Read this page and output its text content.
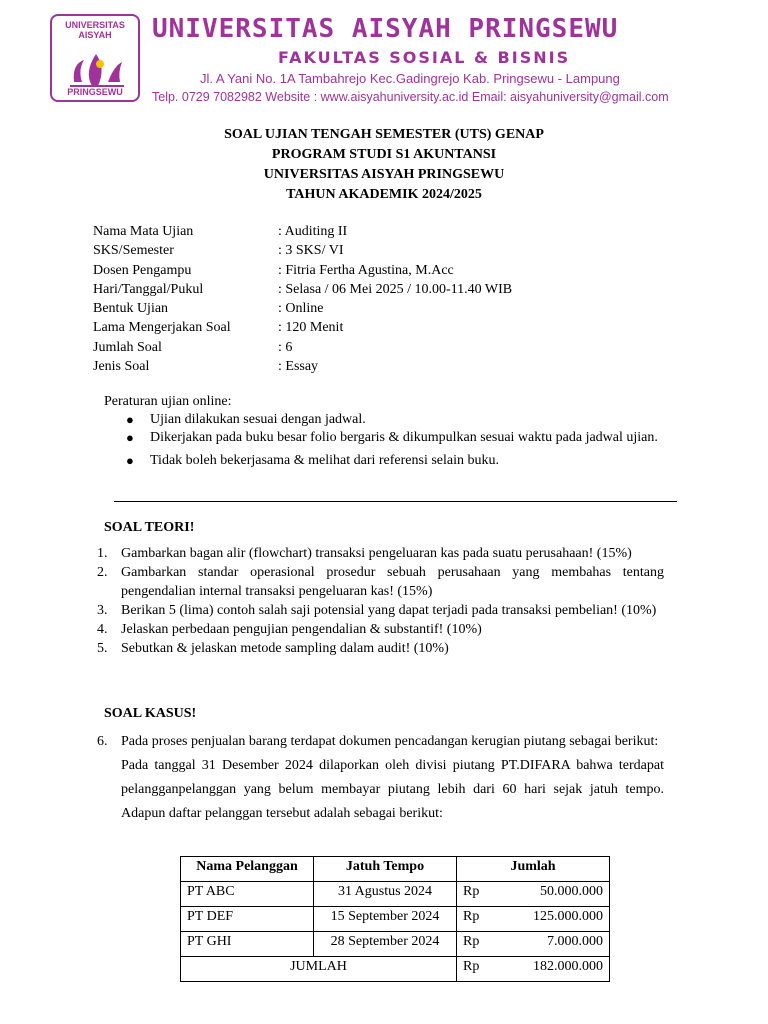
UNIVERSITAS AISYAH
PRINGSEWU
UNIVERSITAS AISYAH PRINGSEWU
FAKULTAS SOSIAL & BISNIS
Jl. A Yani No. 1A Tambahrejo Kec.Gadingrejo Kab. Pringsewu - Lampung
Telp. 0729 7082982 Website : www.aisyahuniversity.ac.id Email: aisyahuniversity@gmail.com
SOAL UJIAN TENGAH SEMESTER (UTS) GENAP
PROGRAM STUDI S1 AKUNTANSI
UNIVERSITAS AISYAH PRINGSEWU
TAHUN AKADEMIK 2024/2025
Nama Mata Ujian	: Auditing II
SKS/Semester	: 3 SKS/ VI
Dosen Pengampu	: Fitria Fertha Agustina, M.Acc
Hari/Tanggal/Pukul	: Selasa / 06 Mei 2025 / 10.00-11.40 WIB
Bentuk Ujian	: Online
Lama Mengerjakan Soal	: 120 Menit
Jumlah Soal	: 6
Jenis Soal	: Essay
Peraturan ujian online:
● Ujian dilakukan sesuai dengan jadwal.
● Dikerjakan pada buku besar folio bergaris & dikumpulkan sesuai waktu pada jadwal ujian.
● Tidak boleh bekerjasama & melihat dari referensi selain buku.
SOAL TEORI!
1. Gambarkan bagan alir (flowchart) transaksi pengeluaran kas pada suatu perusahaan! (15%)
2. Gambarkan standar operasional prosedur sebuah perusahaan yang membahas tentang pengendalian internal transaksi pengeluaran kas! (15%)
3. Berikan 5 (lima) contoh salah saji potensial yang dapat terjadi pada transaksi pembelian! (10%)
4. Jelaskan perbedaan pengujian pengendalian & substantif! (10%)
5. Sebutkan & jelaskan metode sampling dalam audit! (10%)
SOAL KASUS!
6. Pada proses penjualan barang terdapat dokumen pencadangan kerugian piutang sebagai berikut:
Pada tanggal 31 Desember 2024 dilaporkan oleh divisi piutang PT.DIFARA bahwa terdapat pelangganpelanggan yang belum membayar piutang lebih dari 60 hari sejak jatuh tempo. Adapun daftar pelanggan tersebut adalah sebagai berikut:
Nama Pelanggan	Jatuh Tempo	Jumlah
PT ABC	31 Agustus 2024	Rp 50.000.000

PT DEF	15 September 2024	Rp 125.000.000

PT GHI	28 September 2024	Rp 7.000.000

JUMLAH		Rp 182.000.000
